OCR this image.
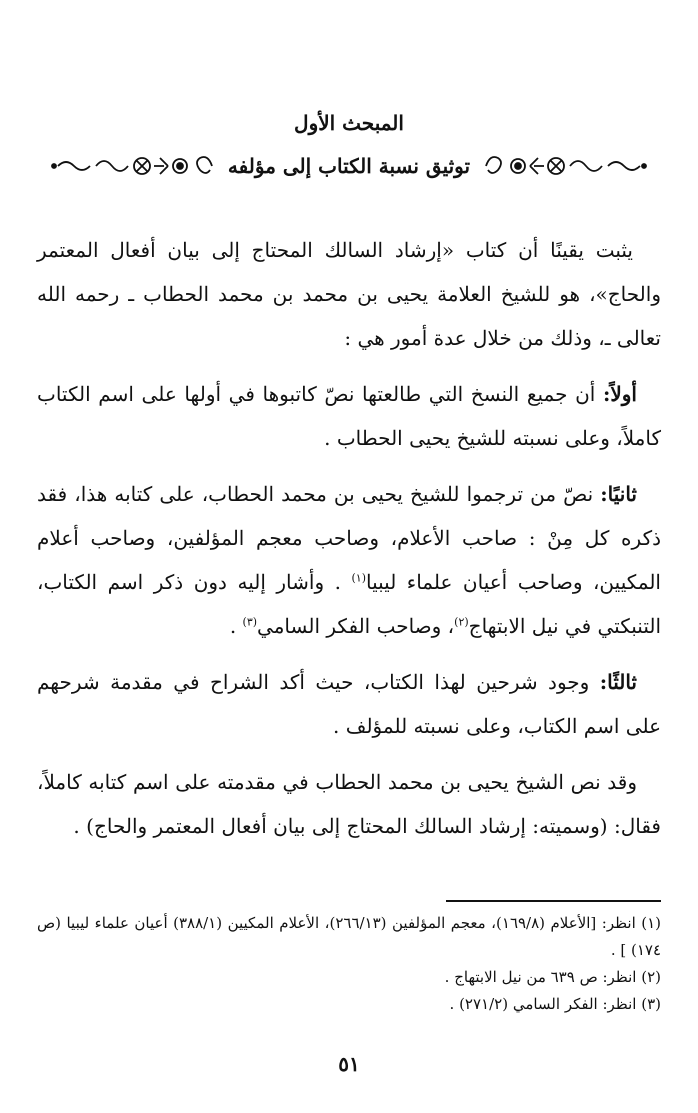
المبحث الأول
توثيق نسبة الكتاب إلى مؤلفه

يثبت يقينًا أن كتاب «إرشاد السالك المحتاج إلى بيان أفعال المعتمر والحاج»، هو للشيخ العلامة يحيى بن محمد بن محمد الحطاب ـ رحمه الله تعالى ـ، وذلك من خلال عدة أمور هي :

أولاً: أن جميع النسخ التي طالعتها نصّ كاتبوها في أولها على اسم الكتاب كاملاً، وعلى نسبته للشيخ يحيى الحطاب .

ثانيًا: نصّ من ترجموا للشيخ يحيى بن محمد الحطاب، على كتابه هذا، فقد ذكره كل مِنْ : صاحب الأعلام، وصاحب معجم المؤلفين، وصاحب أعلام المكيين، وصاحب أعيان علماء ليبيا$^{(١)}$ . وأشار إليه دون ذكر اسم الكتاب، التنبكتي في نيل الابتهاج$^{(٢)}$، وصاحب الفكر السامي$^{(٣)}$ .

ثالثًا: وجود شرحين لهذا الكتاب، حيث أكد الشراح في مقدمة شرحهم على اسم الكتاب، وعلى نسبته للمؤلف .

وقد نص الشيخ يحيى بن محمد الحطاب في مقدمته على اسم كتابه كاملاً، فقال: (وسميته: إرشاد السالك المحتاج إلى بيان أفعال المعتمر والحاج) .

(١) انظر: [الأعلام (١٦٩/٨)، معجم المؤلفين (٢٦٦/١٣)، الأعلام المكيين (٣٨٨/١) أعيان علماء ليبيا (ص ١٧٤) ] .

(٢) انظر: ص ٦٣٩ من نيل الابتهاج .

(٣) انظر: الفكر السامي (٢٧١/٢) .

٥١
